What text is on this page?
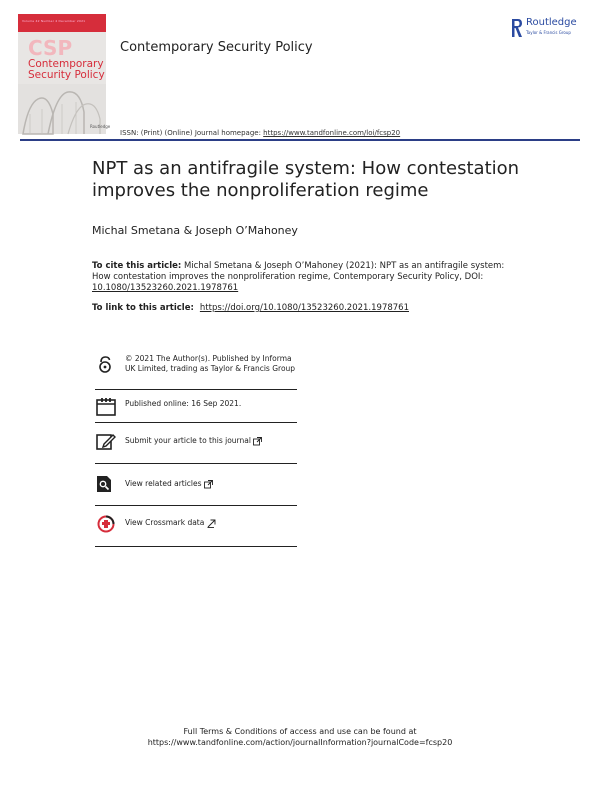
Volume 42 Number 4 December 2021
CSP
Contemporary Security Policy
Routledge
Contemporary Security Policy
ISSN: (Print) (Online) Journal homepage: https://www.tandfonline.com/loi/fcsp20
Routledge
Taylor & Francis Group
NPT as an antifragile system: How contestation improves the nonproliferation regime
Michal Smetana & Joseph O’Mahoney
To cite this article: Michal Smetana & Joseph O’Mahoney (2021): NPT as an antifragile system: How contestation improves the nonproliferation regime, Contemporary Security Policy, DOI: 10.1080/13523260.2021.1978761
To link to this article: https://doi.org/10.1080/13523260.2021.1978761
© 2021 The Author(s). Published by Informa UK Limited, trading as Taylor & Francis Group
Published online: 16 Sep 2021.
Submit your article to this journal
View related articles
View Crossmark data
Full Terms & Conditions of access and use can be found at
https://www.tandfonline.com/action/journalInformation?journalCode=fcsp20
